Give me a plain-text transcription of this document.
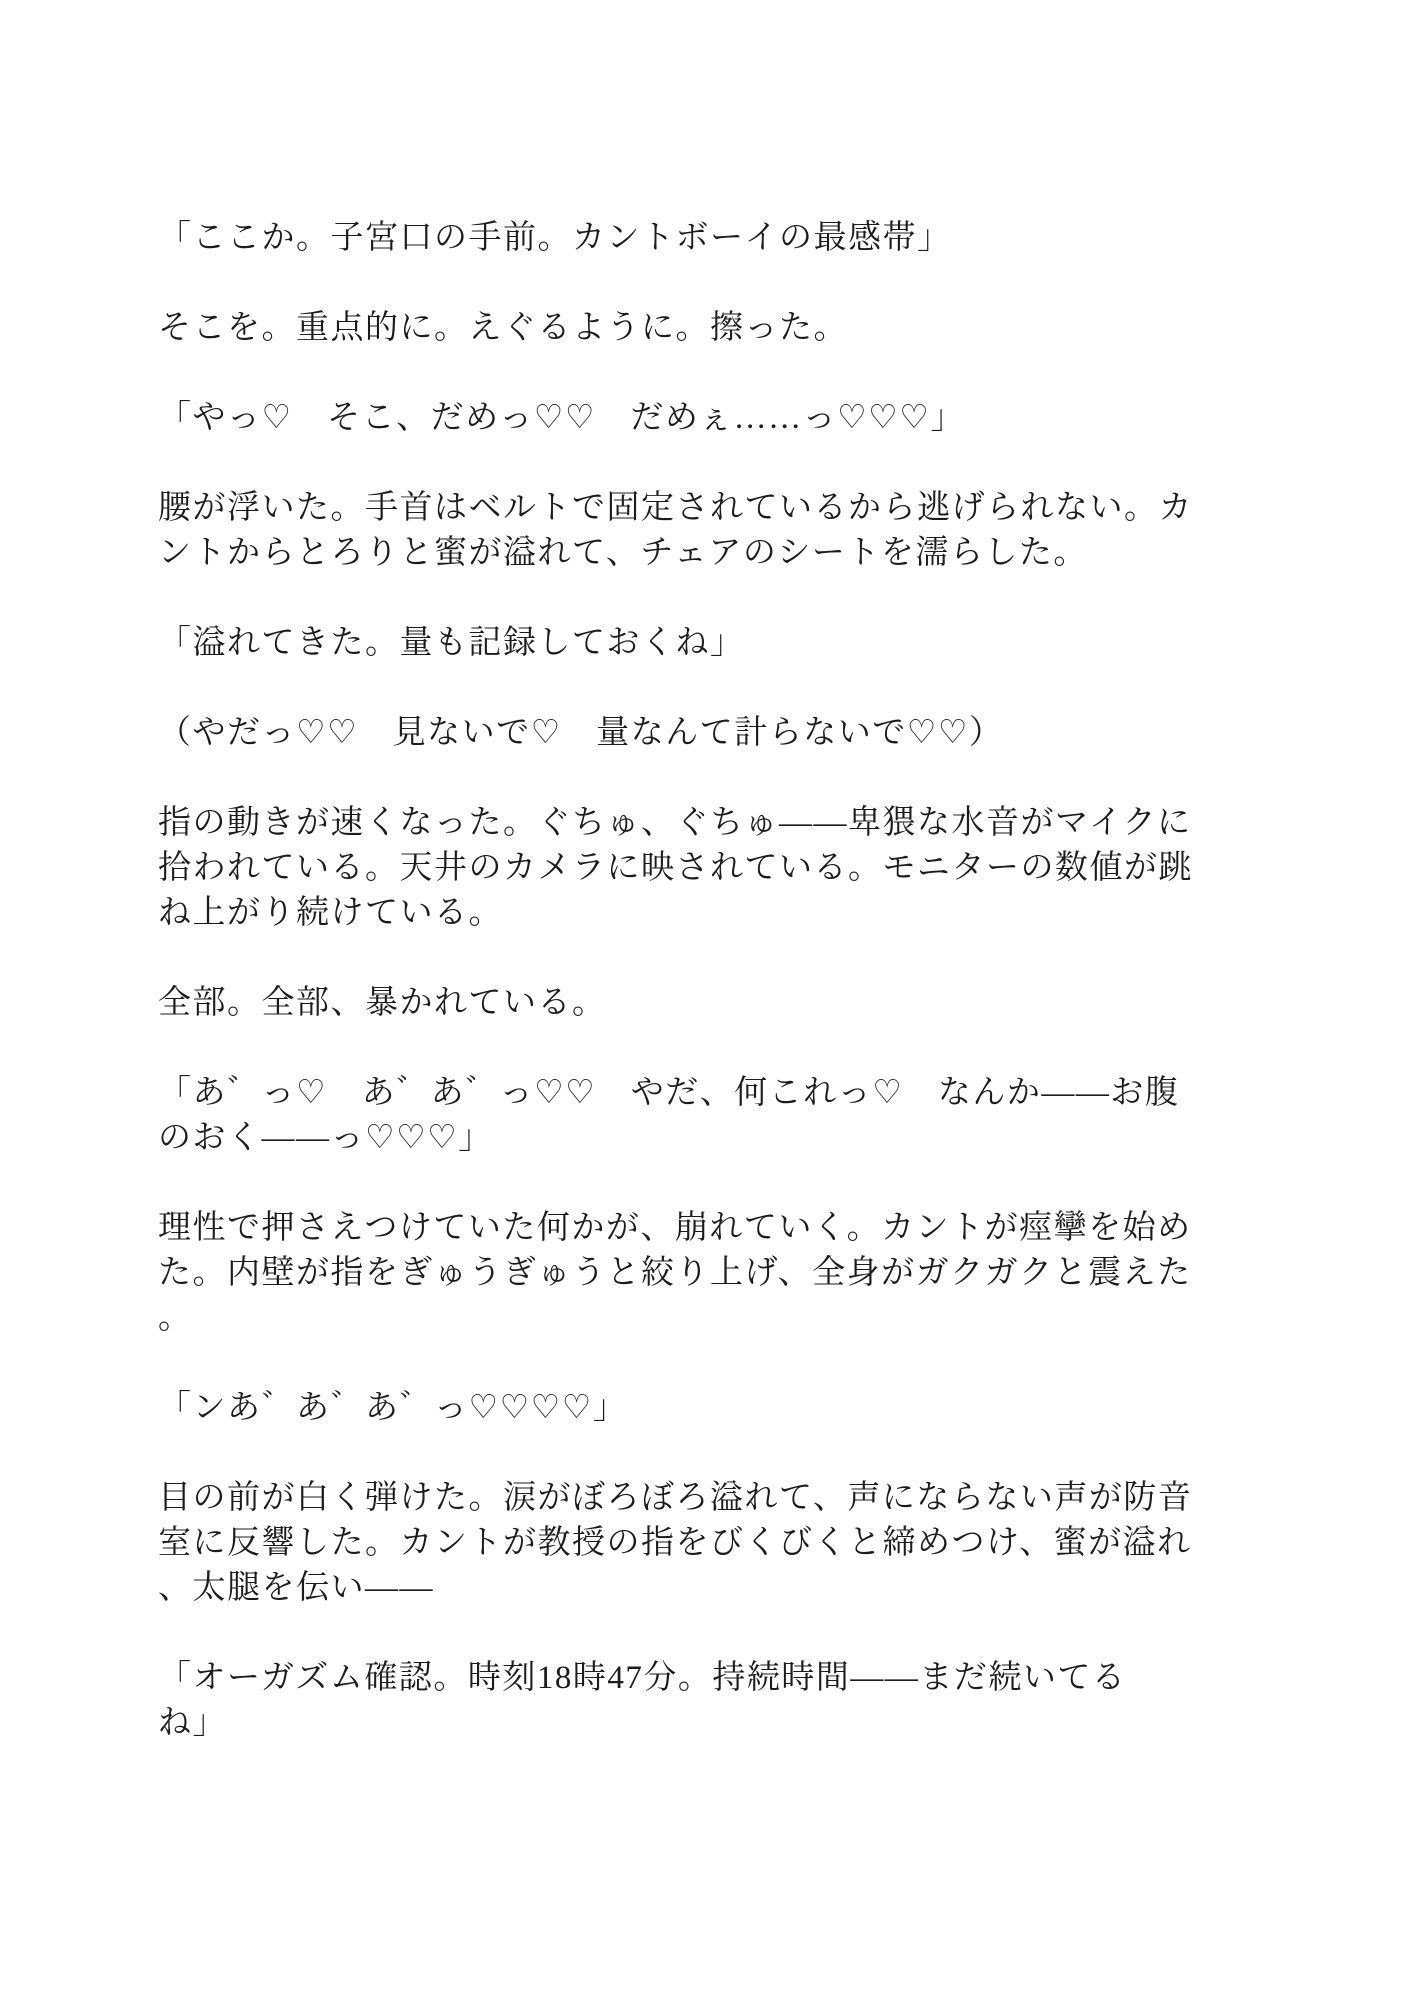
「ここか。子宮口の手前。カントボーイの最感帯」
そこを。重点的に。えぐるように。擦った。
「やっ♡　そこ、だめっ♡♡　だめぇ……っ♡♡♡」
腰が浮いた。手首はベルトで固定されているから逃げられない。カ
ントからとろりと蜜が溢れて、チェアのシートを濡らした。
「溢れてきた。量も記録しておくね」
（やだっ♡♡　見ないで♡　量なんて計らないで♡♡）
指の動きが速くなった。ぐちゅ、ぐちゅ――卑猥な水音がマイクに
拾われている。天井のカメラに映されている。モニターの数値が跳
ね上がり続けている。
全部。全部、暴かれている。
「あ゛っ♡　あ゛あ゛っ♡♡　やだ、何これっ♡　なんか――お腹
のおく――っ♡♡♡」
理性で押さえつけていた何かが、崩れていく。カントが痙攣を始め
た。内壁が指をぎゅうぎゅうと絞り上げ、全身がガクガクと震えた
。
「ンあ゛あ゛あ゛っ♡♡♡♡」
目の前が白く弾けた。涙がぼろぼろ溢れて、声にならない声が防音
室に反響した。カントが教授の指をびくびくと締めつけ、蜜が溢れ
、太腿を伝い――
「オーガズム確認。時刻18時47分。持続時間――まだ続いてる
ね」
